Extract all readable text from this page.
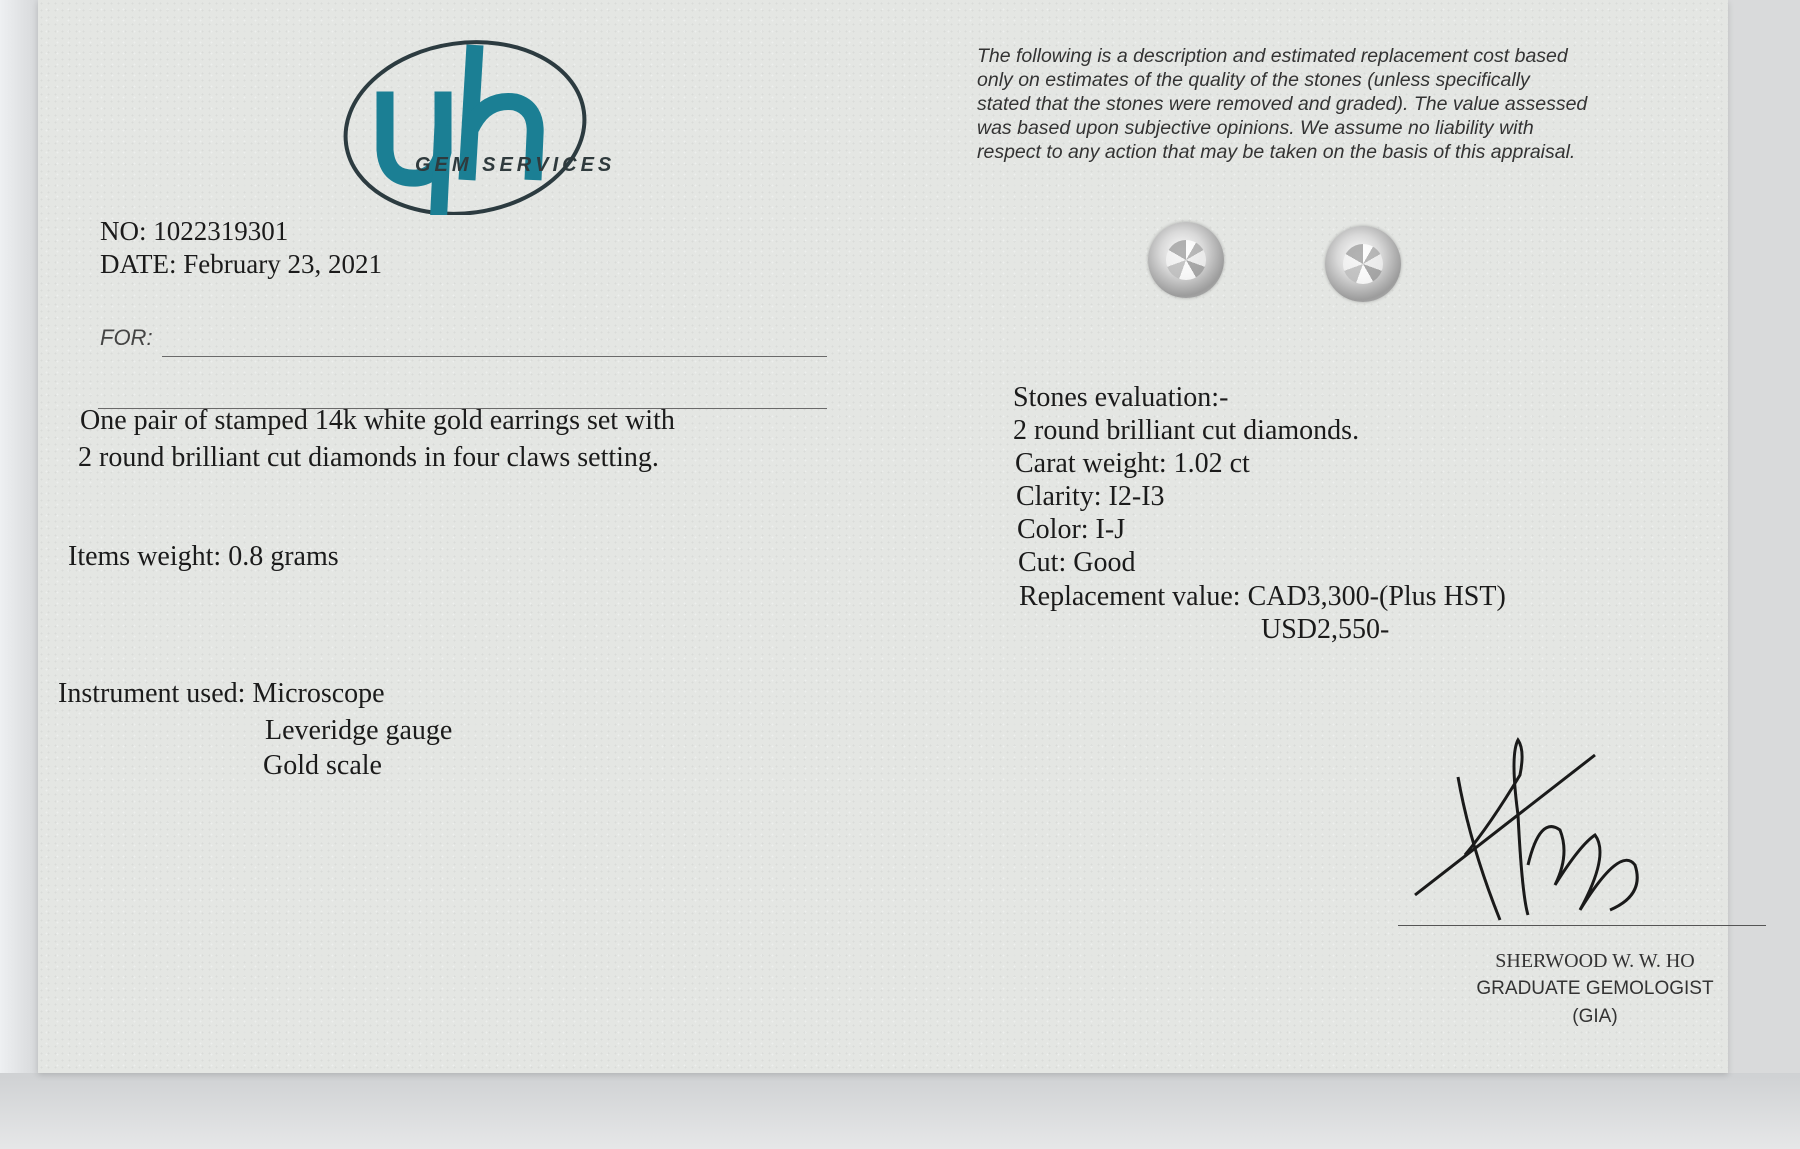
GEM SERVICES
NO: 1022319301
DATE: February 23, 2021
FOR:
The following is a description and estimated replacement cost based
only on estimates of the quality of the stones (unless specifically
stated that the stones were removed and graded). The value assessed
was based upon subjective opinions. We assume no liability with
respect to any action that may be taken on the basis of this appraisal.
One pair of stamped 14k white gold earrings set with
2 round brilliant cut diamonds in four claws setting.
Items weight: 0.8 grams
Instrument used: Microscope
Leveridge gauge
Gold scale
Stones evaluation:-
2 round brilliant cut diamonds.
Carat weight: 1.02 ct
Clarity: I2-I3
Color: I-J
Cut: Good
Replacement value: CAD3,300-(Plus HST)
USD2,550-
SHERWOOD W. W. HO
GRADUATE GEMOLOGIST
(GIA)
